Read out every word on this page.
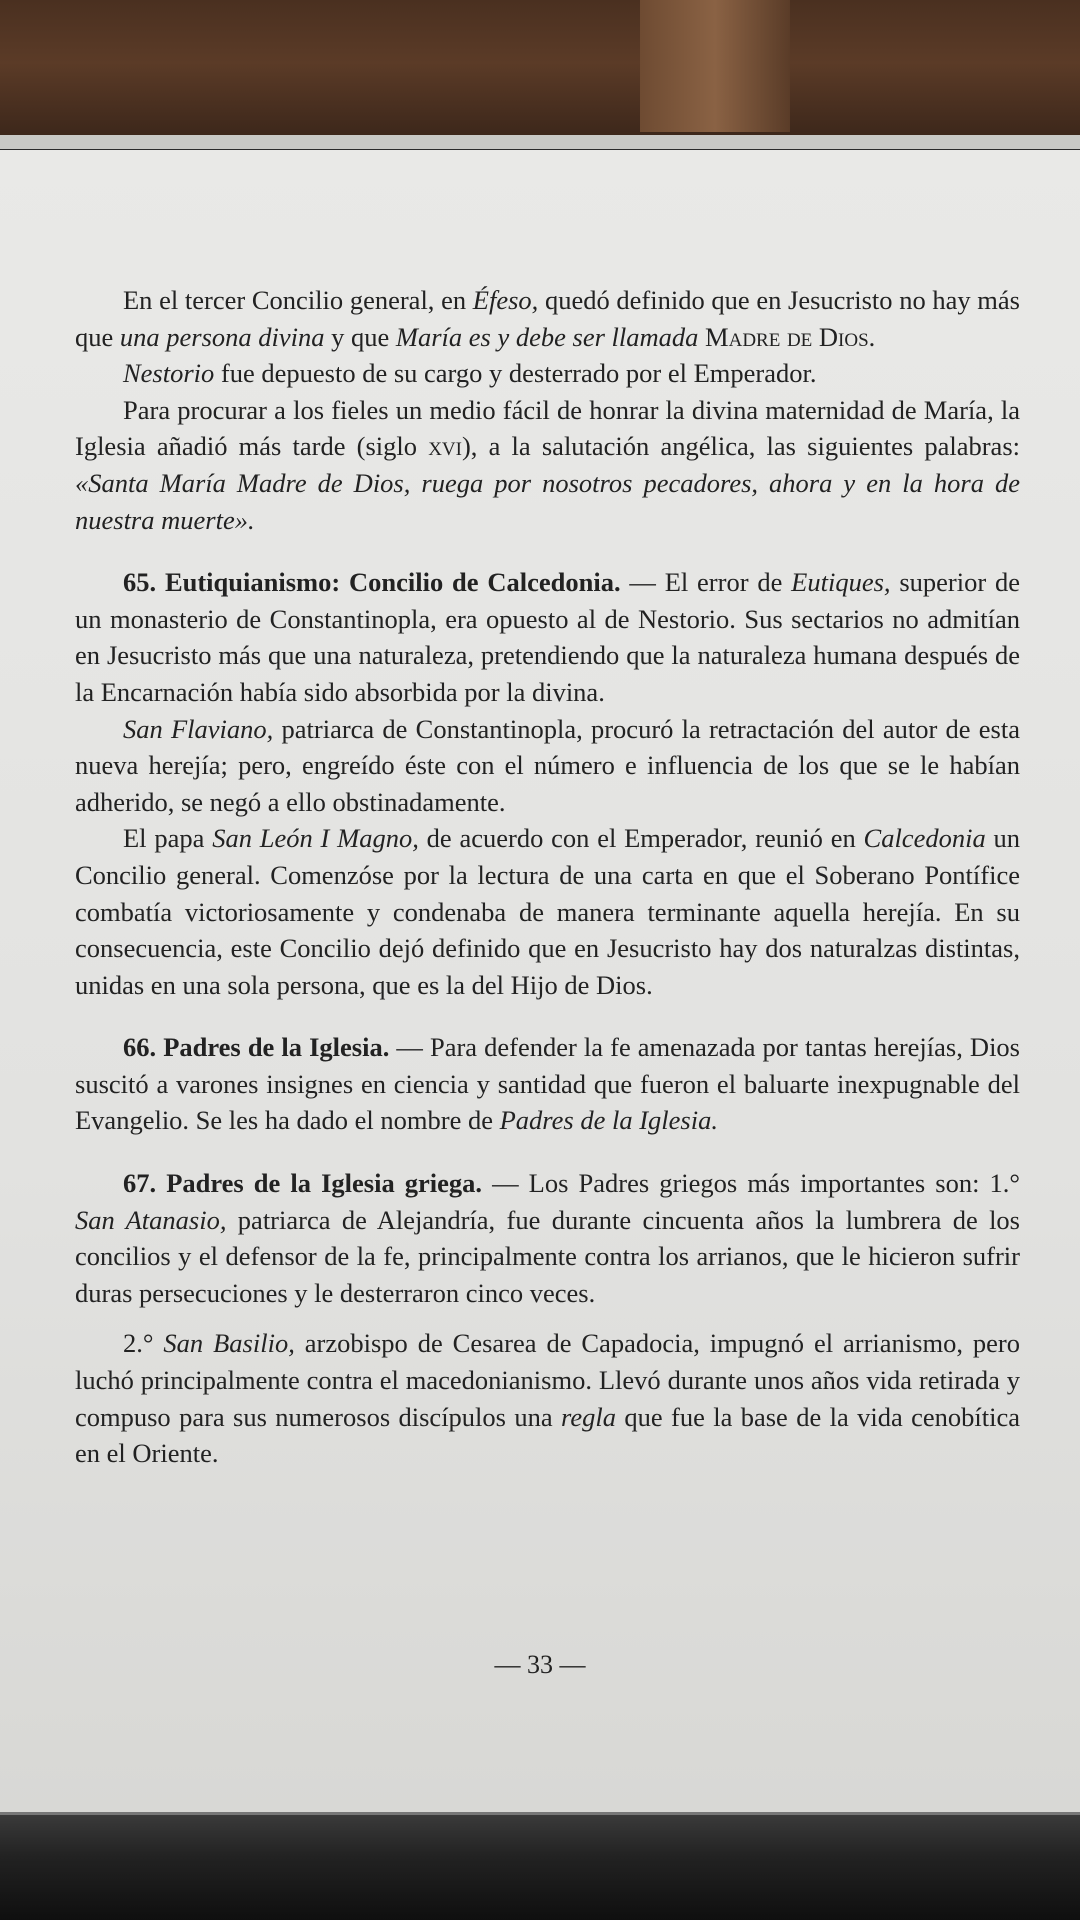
En el tercer Concilio general, en Éfeso, quedó definido que en Jesucristo no hay más que una persona divina y que María es y debe ser llamada Madre de Dios.

Nestorio fue depuesto de su cargo y desterrado por el Emperador.

Para procurar a los fieles un medio fácil de honrar la divina maternidad de María, la Iglesia añadió más tarde (siglo xvi), a la salutación angélica, las siguientes palabras: «Santa María Madre de Dios, ruega por nosotros pecadores, ahora y en la hora de nuestra muerte».

65. Eutiquianismo: Concilio de Calcedonia. — El error de Eutiques, superior de un monasterio de Constantinopla, era opuesto al de Nestorio. Sus sectarios no admitían en Jesucristo más que una naturaleza, pretendiendo que la naturaleza humana después de la Encarnación había sido absorbida por la divina.

San Flaviano, patriarca de Constantinopla, procuró la retractación del autor de esta nueva herejía; pero, engreído éste con el número e influencia de los que se le habían adherido, se negó a ello obstinadamente.

El papa San León I Magno, de acuerdo con el Emperador, reunió en Calcedonia un Concilio general. Comenzóse por la lectura de una carta en que el Soberano Pontífice combatía victoriosamente y condenaba de manera terminante aquella herejía. En su consecuencia, este Concilio dejó definido que en Jesucristo hay dos naturalzas distintas, unidas en una sola persona, que es la del Hijo de Dios.

66. Padres de la Iglesia. — Para defender la fe amenazada por tantas herejías, Dios suscitó a varones insignes en ciencia y santidad que fueron el baluarte inexpugnable del Evangelio. Se les ha dado el nombre de Padres de la Iglesia.

67. Padres de la Iglesia griega. — Los Padres griegos más importantes son: 1.° San Atanasio, patriarca de Alejandría, fue durante cincuenta años la lumbrera de los concilios y el defensor de la fe, principalmente contra los arrianos, que le hicieron sufrir duras persecuciones y le desterraron cinco veces.

2.° San Basilio, arzobispo de Cesarea de Capadocia, impugnó el arrianismo, pero luchó principalmente contra el macedonianismo. Llevó durante unos años vida retirada y compuso para sus numerosos discípulos una regla que fue la base de la vida cenobítica en el Oriente.

— 33 —
